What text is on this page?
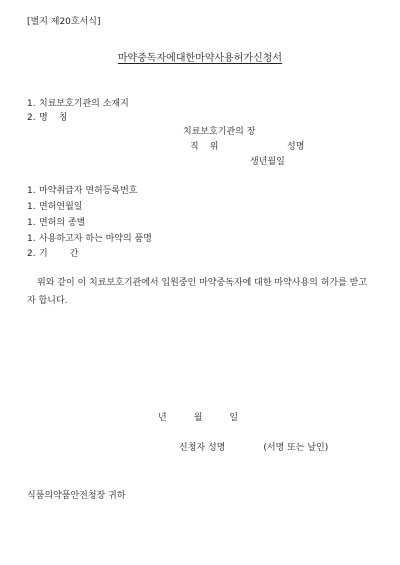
[별지 제20호서식]
마약중독자에대한마약사용허가신청서
1. 치료보호기관의 소재지
2. 명칭
치료보호기관의 장
직위	성명
생년월일
1. 마약취급자 면허등록번호
1. 면허연월일
1. 면허의 종별
1. 사용하고자 하는 마약의 품명
2. 기간
위와 같이 이 치료보호기관에서 입원중인 마약중독자에 대한 마약사용의 허가를 받고자 합니다.
년	월	일
신청자 성명	(서명 또는 날인)
식품의약품안전청장 귀하
